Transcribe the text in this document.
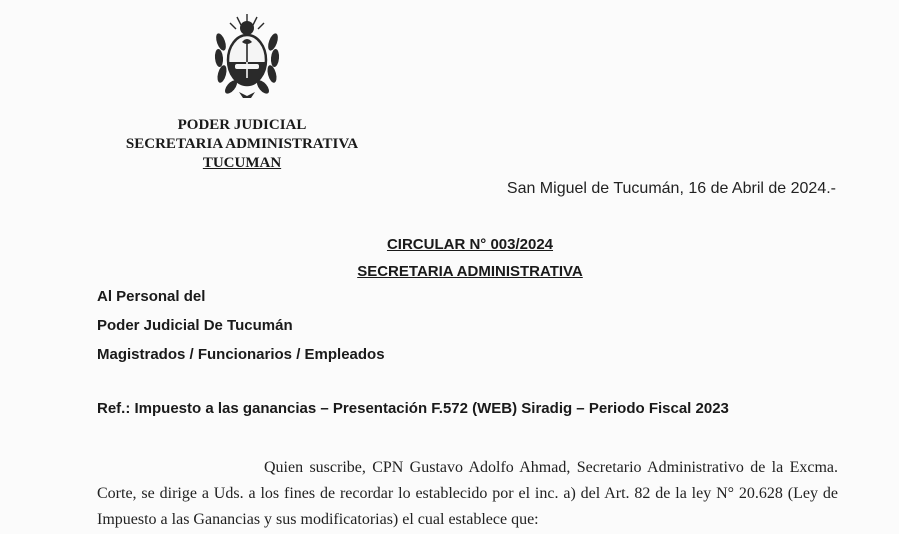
PODER JUDICIAL
SECRETARIA ADMINISTRATIVA
TUCUMAN
San Miguel de Tucumán, 16 de Abril de 2024.-
CIRCULAR N° 003/2024
SECRETARIA ADMINISTRATIVA
Al Personal del
Poder Judicial De Tucumán
Magistrados / Funcionarios / Empleados
Ref.: Impuesto a las ganancias – Presentación F.572 (WEB) Siradig – Periodo Fiscal 2023
Quien suscribe, CPN Gustavo Adolfo Ahmad, Secretario Administrativo de la Excma. Corte, se dirige a Uds. a los fines de recordar lo establecido por el inc. a) del Art. 82 de la ley N° 20.628 (Ley de Impuesto a las Ganancias y sus modificatorias) el cual establece que:
